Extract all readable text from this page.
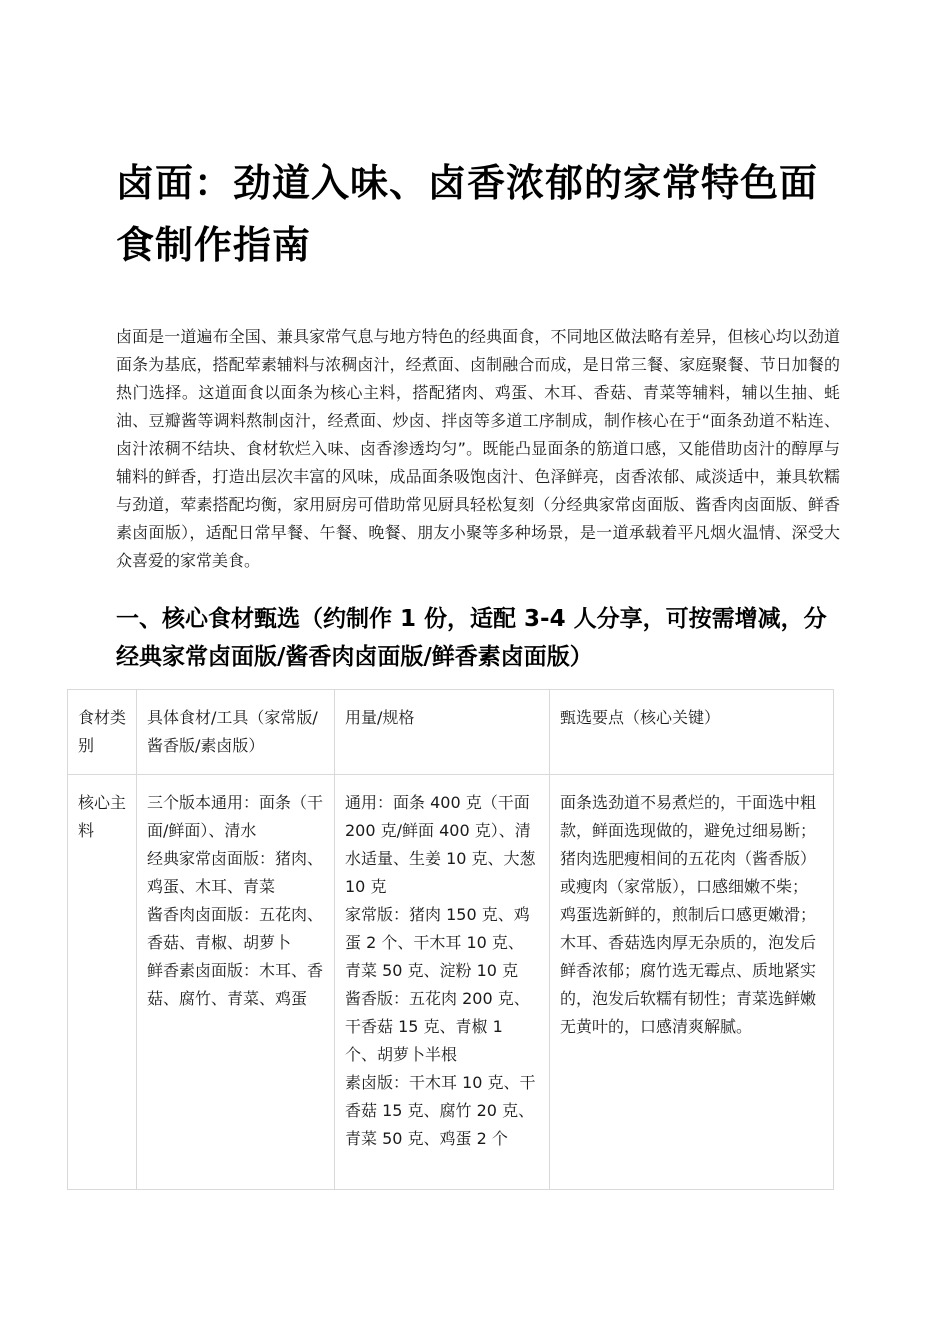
卤面：劲道入味、卤香浓郁的家常特色面食制作指南

卤面是一道遍布全国、兼具家常气息与地方特色的经典面食，不同地区做法略有差异，但核心均以劲道面条为基底，搭配荤素辅料与浓稠卤汁，经煮面、卤制融合而成，是日常三餐、家庭聚餐、节日加餐的热门选择。这道面食以面条为核心主料，搭配猪肉、鸡蛋、木耳、香菇、青菜等辅料，辅以生抽、蚝油、豆瓣酱等调料熬制卤汁，经煮面、炒卤、拌卤等多道工序制成，制作核心在于“面条劲道不粘连、卤汁浓稠不结块、食材软烂入味、卤香渗透均匀”。既能凸显面条的筋道口感，又能借助卤汁的醇厚与辅料的鲜香，打造出层次丰富的风味，成品面条吸饱卤汁、色泽鲜亮，卤香浓郁、咸淡适中，兼具软糯与劲道，荤素搭配均衡，家用厨房可借助常见厨具轻松复刻（分经典家常卤面版、酱香肉卤面版、鲜香素卤面版），适配日常早餐、午餐、晚餐、朋友小聚等多种场景，是一道承载着平凡烟火温情、深受大众喜爱的家常美食。

一、核心食材甄选（约制作 1 份，适配 3-4 人分享，可按需增减，分经典家常卤面版/酱香肉卤面版/鲜香素卤面版）
食材类别	具体食材/工具（家常版/酱香版/素卤版）	用量/规格	甄选要点（核心关键）
核心主料	三个版本通用：面条（干面/鲜面）、清水
经典家常卤面版：猪肉、鸡蛋、木耳、青菜
酱香肉卤面版：五花肉、香菇、青椒、胡萝卜
鲜香素卤面版：木耳、香菇、腐竹、青菜、鸡蛋	通用：面条 400 克（干面 200 克/鲜面 400 克）、清水适量、生姜 10 克、大葱 10 克
家常版：猪肉 150 克、鸡蛋 2 个、干木耳 10 克、青菜 50 克、淀粉 10 克
酱香版：五花肉 200 克、干香菇 15 克、青椒 1 个、胡萝卜半根
素卤版：干木耳 10 克、干香菇 15 克、腐竹 20 克、青菜 50 克、鸡蛋 2 个	面条选劲道不易煮烂的，干面选中粗款，鲜面选现做的，避免过细易断；猪肉选肥瘦相间的五花肉（酱香版）或瘦肉（家常版），口感细嫩不柴；鸡蛋选新鲜的，煎制后口感更嫩滑；木耳、香菇选肉厚无杂质的，泡发后鲜香浓郁；腐竹选无霉点、质地紧实的，泡发后软糯有韧性；青菜选鲜嫩无黄叶的，口感清爽解腻。
